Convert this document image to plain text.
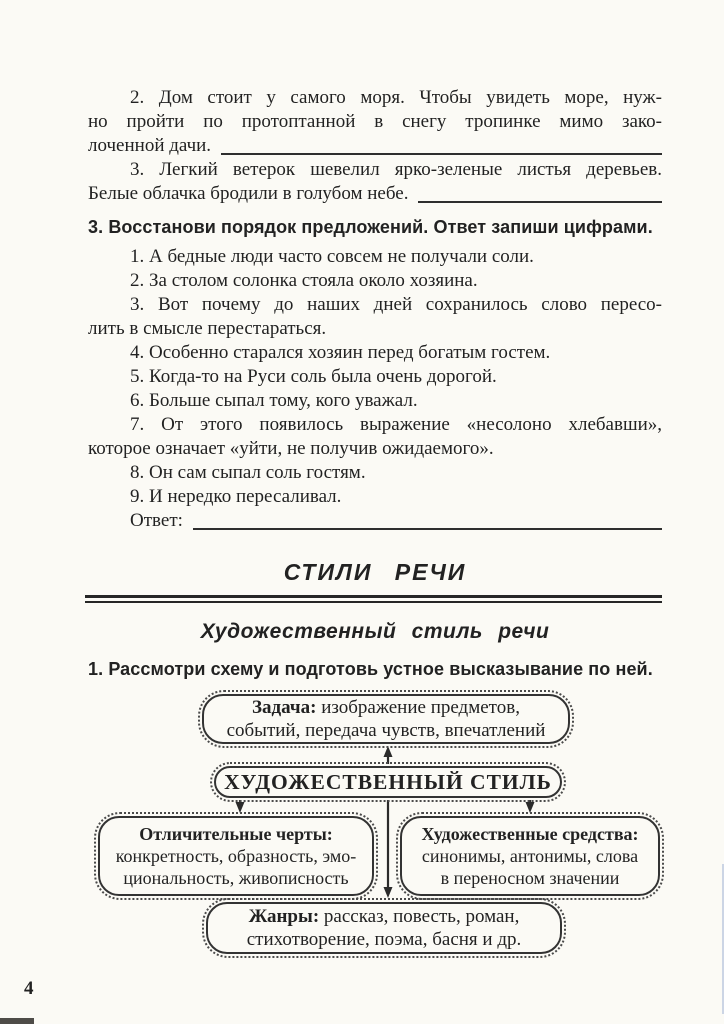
2. Дом стоит у самого моря. Чтобы увидеть море, нуж-
но пройти по протоптанной в снегу тропинке мимо зако-
лоченной дачи.
3. Легкий ветерок шевелил ярко-зеленые листья деревьев.
Белые облачка бродили в голубом небе.
3. Восстанови порядок предложений. Ответ запиши цифрами.
1. А бедные люди часто совсем не получали соли.
2. За столом солонка стояла около хозяина.
3. Вот почему до наших дней сохранилось слово пересо-
лить в смысле перестараться.
4. Особенно старался хозяин перед богатым гостем.
5. Когда-то на Руси соль была очень дорогой.
6. Больше сыпал тому, кого уважал.
7. От этого появилось выражение «несолоно хлебавши»,
которое означает «уйти, не получив ожидаемого».
8. Он сам сыпал соль гостям.
9. И нередко пересаливал.
Ответ:
СТИЛИ РЕЧИ
Художественный стиль речи
1. Рассмотри схему и подготовь устное высказывание по ней.
Задача: изображение предметов,
событий, передача чувств, впечатлений
ХУДОЖЕСТВЕННЫЙ СТИЛЬ
Отличительные черты:
конкретность, образность, эмо-
циональность, живописность
Художественные средства:
синонимы, антонимы, слова
в переносном значении
Жанры: рассказ, повесть, роман,
стихотворение, поэма, басня и др.
4
